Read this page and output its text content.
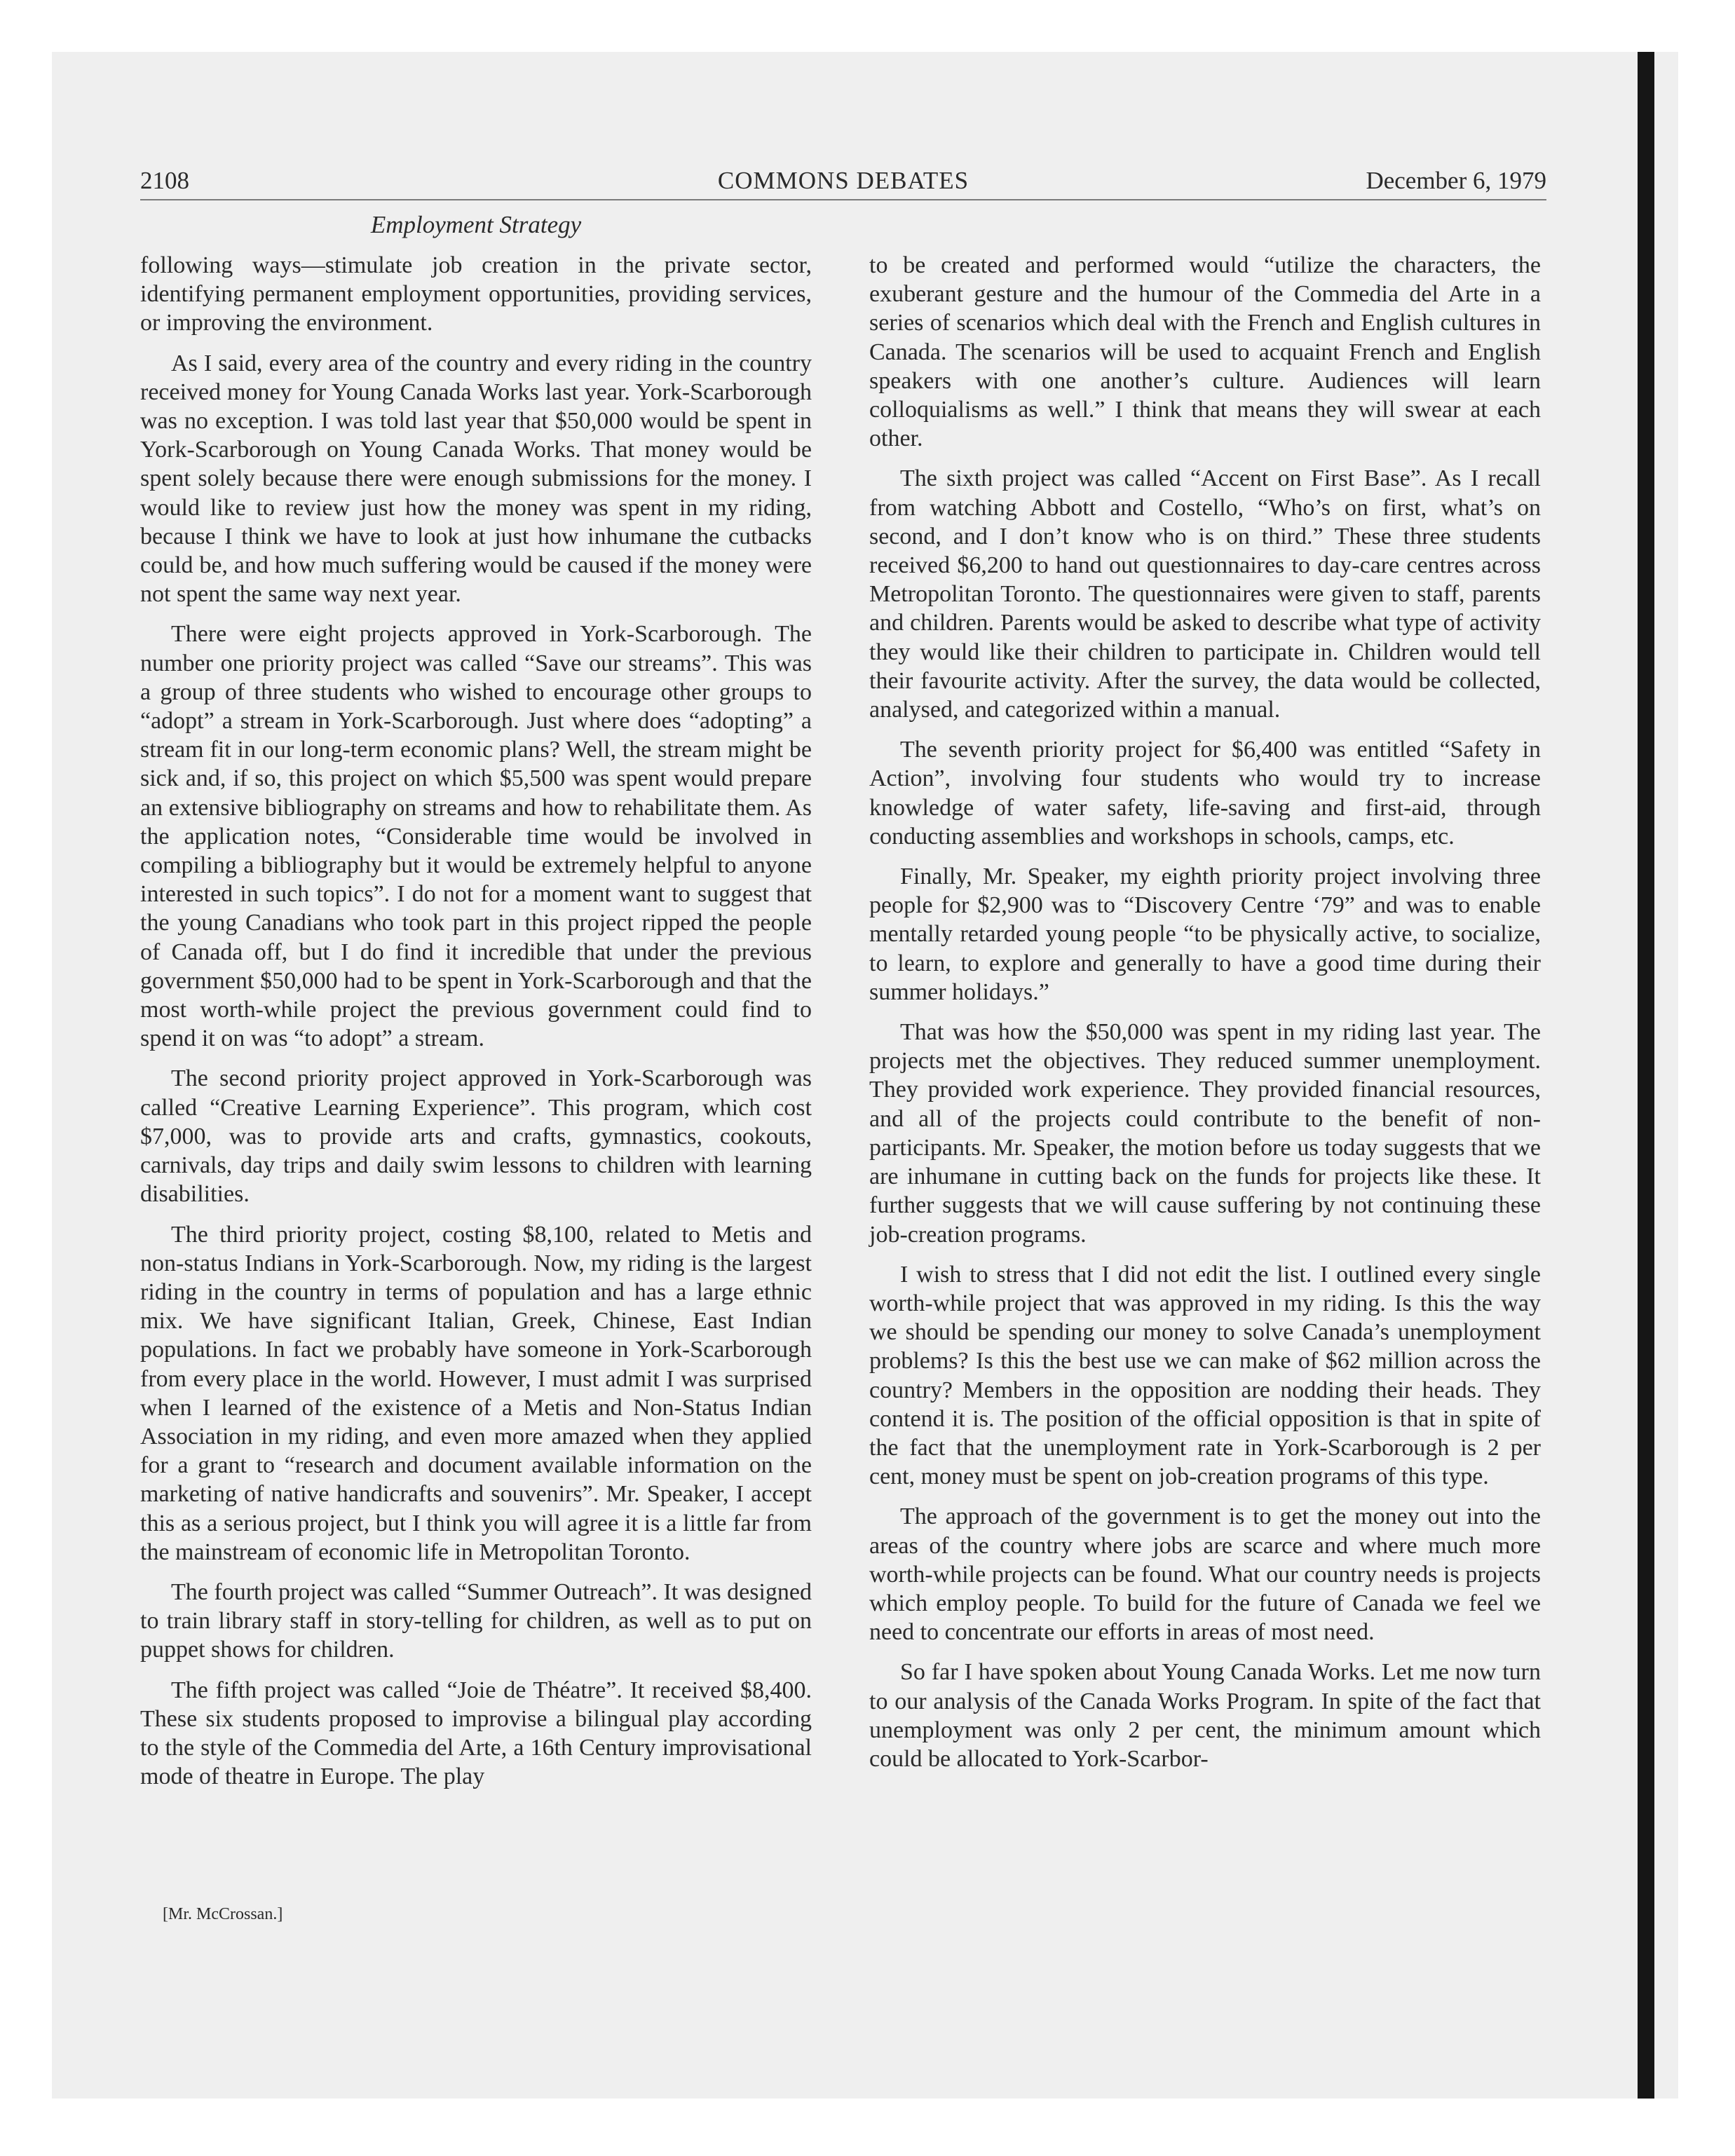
2108	COMMONS DEBATES	December 6, 1979
Employment Strategy

following ways—stimulate job creation in the private sector, identifying permanent employment opportunities, providing services, or improving the environment.

As I said, every area of the country and every riding in the country received money for Young Canada Works last year. York-Scarborough was no exception. I was told last year that $50,000 would be spent in York-Scarborough on Young Canada Works. That money would be spent solely because there were enough submissions for the money. I would like to review just how the money was spent in my riding, because I think we have to look at just how inhumane the cutbacks could be, and how much suffering would be caused if the money were not spent the same way next year.

There were eight projects approved in York-Scarborough. The number one priority project was called “Save our streams”. This was a group of three students who wished to encourage other groups to “adopt” a stream in York-Scarborough. Just where does “adopting” a stream fit in our long-term economic plans? Well, the stream might be sick and, if so, this project on which $5,500 was spent would prepare an extensive bibliography on streams and how to rehabilitate them. As the application notes, “Considerable time would be involved in compiling a bibliography but it would be extremely helpful to anyone interested in such topics”. I do not for a moment want to suggest that the young Canadians who took part in this project ripped the people of Canada off, but I do find it incredible that under the previous government $50,000 had to be spent in York-Scarborough and that the most worth-while project the previous government could find to spend it on was “to adopt” a stream.

The second priority project approved in York-Scarborough was called “Creative Learning Experience”. This program, which cost $7,000, was to provide arts and crafts, gymnastics, cookouts, carnivals, day trips and daily swim lessons to children with learning disabilities.

The third priority project, costing $8,100, related to Metis and non-status Indians in York-Scarborough. Now, my riding is the largest riding in the country in terms of population and has a large ethnic mix. We have significant Italian, Greek, Chinese, East Indian populations. In fact we probably have someone in York-Scarborough from every place in the world. However, I must admit I was surprised when I learned of the existence of a Metis and Non-Status Indian Association in my riding, and even more amazed when they applied for a grant to “research and document available information on the marketing of native handicrafts and souvenirs”. Mr. Speaker, I accept this as a serious project, but I think you will agree it is a little far from the mainstream of economic life in Metropolitan Toronto.

The fourth project was called “Summer Outreach”. It was designed to train library staff in story-telling for children, as well as to put on puppet shows for children.

The fifth project was called “Joie de Théatre”. It received $8,400. These six students proposed to improvise a bilingual play according to the style of the Commedia del Arte, a 16th Century improvisational mode of theatre in Europe. The play

[Mr. McCrossan.]

to be created and performed would “utilize the characters, the exuberant gesture and the humour of the Commedia del Arte in a series of scenarios which deal with the French and English cultures in Canada. The scenarios will be used to acquaint French and English speakers with one another’s culture. Audiences will learn colloquialisms as well.” I think that means they will swear at each other.

The sixth project was called “Accent on First Base”. As I recall from watching Abbott and Costello, “Who’s on first, what’s on second, and I don’t know who is on third.” These three students received $6,200 to hand out questionnaires to day-care centres across Metropolitan Toronto. The questionnaires were given to staff, parents and children. Parents would be asked to describe what type of activity they would like their children to participate in. Children would tell their favourite activity. After the survey, the data would be collected, analysed, and categorized within a manual.

The seventh priority project for $6,400 was entitled “Safety in Action”, involving four students who would try to increase knowledge of water safety, life-saving and first-aid, through conducting assemblies and workshops in schools, camps, etc.

Finally, Mr. Speaker, my eighth priority project involving three people for $2,900 was to “Discovery Centre ‘79” and was to enable mentally retarded young people “to be physically active, to socialize, to learn, to explore and generally to have a good time during their summer holidays.”

That was how the $50,000 was spent in my riding last year. The projects met the objectives. They reduced summer unemployment. They provided work experience. They provided financial resources, and all of the projects could contribute to the benefit of non-participants. Mr. Speaker, the motion before us today suggests that we are inhumane in cutting back on the funds for projects like these. It further suggests that we will cause suffering by not continuing these job-creation programs.

I wish to stress that I did not edit the list. I outlined every single worth-while project that was approved in my riding. Is this the way we should be spending our money to solve Canada’s unemployment problems? Is this the best use we can make of $62 million across the country? Members in the opposition are nodding their heads. They contend it is. The position of the official opposition is that in spite of the fact that the unemployment rate in York-Scarborough is 2 per cent, money must be spent on job-creation programs of this type.

The approach of the government is to get the money out into the areas of the country where jobs are scarce and where much more worth-while projects can be found. What our country needs is projects which employ people. To build for the future of Canada we feel we need to concentrate our efforts in areas of most need.

So far I have spoken about Young Canada Works. Let me now turn to our analysis of the Canada Works Program. In spite of the fact that unemployment was only 2 per cent, the minimum amount which could be allocated to York-Scarbor-
